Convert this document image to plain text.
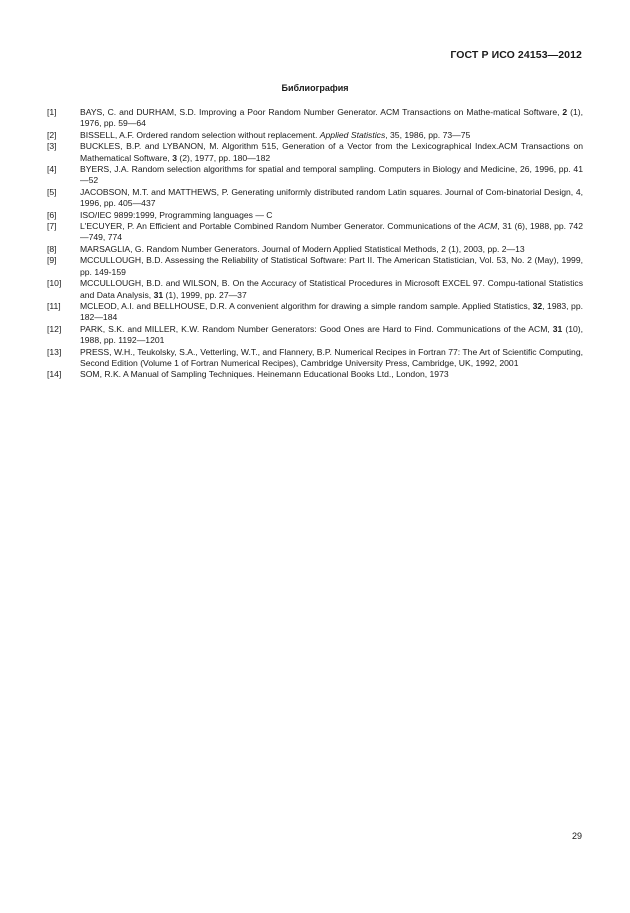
ГОСТ Р ИСО 24153—2012
Библиография
[1]	BAYS, C. and DURHAM, S.D. Improving a Poor Random Number Generator. ACM Transactions on Mathe-matical Software, 2 (1), 1976, pp. 59—64
[2]	BISSELL, A.F. Ordered random selection without replacement. Applied Statistics, 35, 1986, pp. 73—75
[3]	BUCKLES, B.P. and LYBANON, M. Algorithm 515, Generation of a Vector from the Lexicographical Index.ACM Transactions on Mathematical Software, 3 (2), 1977, pp. 180—182
[4]	BYERS, J.A. Random selection algorithms for spatial and temporal sampling. Computers in Biology and Medicine, 26, 1996, pp. 41—52
[5]	JACOBSON, M.T. and MATTHEWS, P. Generating uniformly distributed random Latin squares. Journal of Com-binatorial Design, 4, 1996, pp. 405—437
[6]	ISO/IEC 9899:1999, Programming languages — C
[7]	L'ECUYER, P. An Efficient and Portable Combined Random Number Generator. Communications of the ACM, 31 (6), 1988, pp. 742—749, 774
[8]	MARSAGLIA, G. Random Number Generators. Journal of Modern Applied Statistical Methods, 2 (1), 2003, pp. 2—13
[9]	MCCULLOUGH, B.D. Assessing the Reliability of Statistical Software: Part II. The American Statistician, Vol. 53, No. 2 (May), 1999, pp. 149-159
[10]	MCCULLOUGH, B.D. and WILSON, B. On the Accuracy of Statistical Procedures in Microsoft EXCEL 97. Compu-tational Statistics and Data Analysis, 31 (1), 1999, pp. 27—37
[11]	MCLEOD, A.I. and BELLHOUSE, D.R. A convenient algorithm for drawing a simple random sample. Applied Statistics, 32, 1983, pp. 182—184
[12]	PARK, S.K. and MILLER, K.W. Random Number Generators: Good Ones are Hard to Find. Communications of the ACM, 31 (10), 1988, pp. 1192—1201
[13]	PRESS, W.H., Teukolsky, S.A., Vetterling, W.T., and Flannery, B.P. Numerical Recipes in Fortran 77: The Art of Scientific Computing, Second Edition (Volume 1 of Fortran Numerical Recipes), Cambridge University Press, Cambridge, UK, 1992, 2001
[14]	SOM, R.K. A Manual of Sampling Techniques. Heinemann Educational Books Ltd., London, 1973
29
